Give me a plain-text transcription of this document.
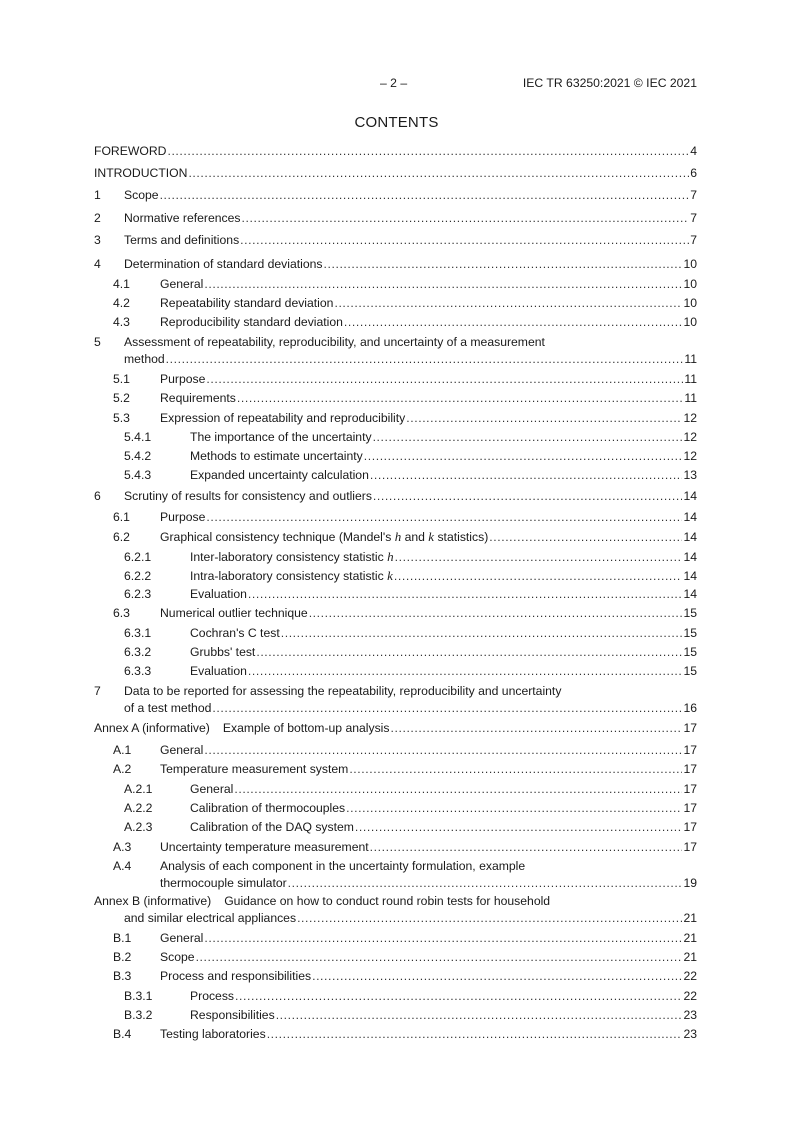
– 2 –	IEC TR 63250:2021 © IEC 2021
CONTENTS
FOREWORD .....	4
INTRODUCTION .....	6
1	Scope .....	7
2	Normative references .....	7
3	Terms and definitions .....	7
4	Determination of standard deviations .....	10
4.1	General .....	10
4.2	Repeatability standard deviation .....	10
4.3	Reproducibility standard deviation .....	10
5	Assessment of repeatability, reproducibility, and uncertainty of a measurement
method .....	11
5.1	Purpose .....	11
5.2	Requirements .....	11
5.3	Expression of repeatability and reproducibility .....	12
5.4.1	The importance of the uncertainty .....	12
5.4.2	Methods to estimate uncertainty .....	12
5.4.3	Expanded uncertainty calculation .....	13
6	Scrutiny of results for consistency and outliers .....	14
6.1	Purpose .....	14
6.2	Graphical consistency technique (Mandel's h and k statistics) .....	14
6.2.1	Inter-laboratory consistency statistic h .....	14
6.2.2	Intra-laboratory consistency statistic k .....	14
6.2.3	Evaluation .....	14
6.3	Numerical outlier technique .....	15
6.3.1	Cochran's C test .....	15
6.3.2	Grubbs' test .....	15
6.3.3	Evaluation .....	15
7	Data to be reported for assessing the repeatability, reproducibility and uncertainty
of a test method .....	16
Annex A (informative) Example of bottom-up analysis .....	17
A.1	General .....	17
A.2	Temperature measurement system .....	17
A.2.1	General .....	17
A.2.2	Calibration of thermocouples .....	17
A.2.3	Calibration of the DAQ system .....	17
A.3	Uncertainty temperature measurement .....	17
A.4	Analysis of each component in the uncertainty formulation, example
thermocouple simulator .....	19
Annex B (informative) Guidance on how to conduct round robin tests for household
and similar electrical appliances .....	21
B.1	General .....	21
B.2	Scope .....	21
B.3	Process and responsibilities .....	22
B.3.1	Process .....	22
B.3.2	Responsibilities .....	23
B.4	Testing laboratories .....	23
